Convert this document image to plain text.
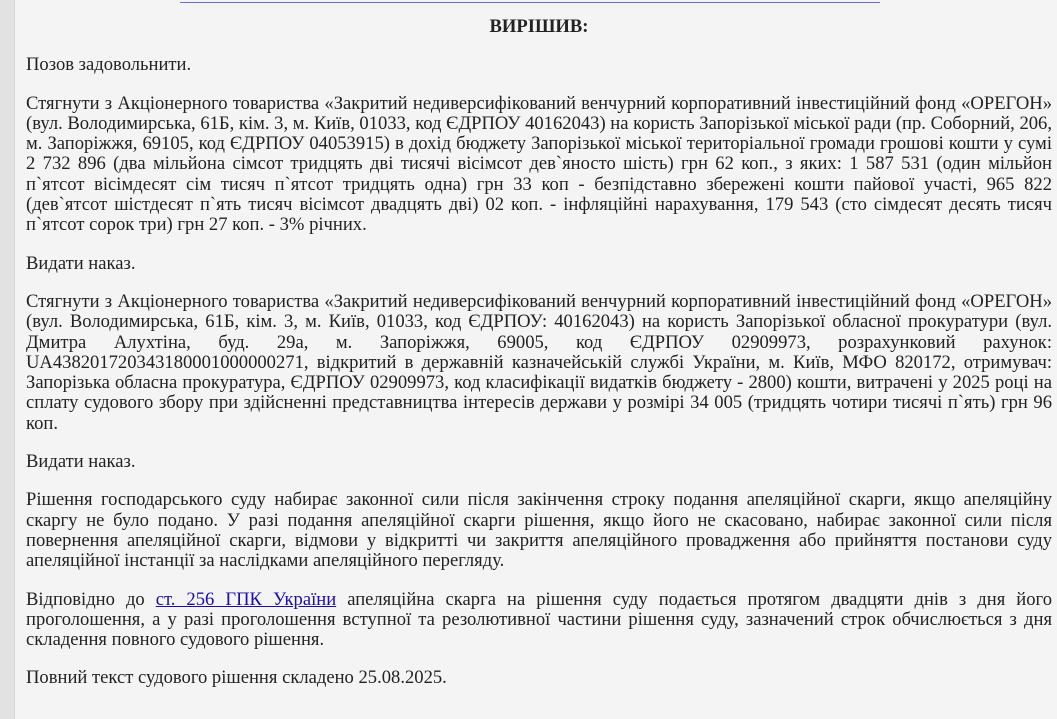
ВИРІШИВ:

Позов задовольнити.

Стягнути з Акціонерного товариства «Закритий недиверсифікований венчурний корпоративний інвестиційний фонд «ОРЕГОН» (вул. Володимирська, 61Б, кім. 3, м. Київ, 01033, код ЄДРПОУ 40162043) на користь Запорізької міської ради (пр. Соборний, 206, м. Запоріжжя, 69105, код ЄДРПОУ 04053915) в дохід бюджету Запорізької міської територіальної громади грошові кошти у сумі 2 732 896 (два мільйона сімсот тридцять дві тисячі вісімсот дев`яносто шість) грн 62 коп., з яких: 1 587 531 (один мільйон п`ятсот вісімдесят сім тисяч п`ятсот тридцять одна) грн 33 коп - безпідставно збережені кошти пайової участі, 965 822 (дев`ятсот шістдесят п`ять тисяч вісімсот двадцять дві) 02 коп. - інфляційні нарахування, 179 543 (сто сімдесят десять тисяч п`ятсот сорок три) грн 27 коп. - 3% річних.

Видати наказ.

Стягнути з Акціонерного товариства «Закритий недиверсифікований венчурний корпоративний інвестиційний фонд «ОРЕГОН» (вул. Володимирська, 61Б, кім. 3, м. Київ, 01033, код ЄДРПОУ: 40162043) на користь Запорізької обласної прокуратури (вул. Дмитра Алухтіна, буд. 29а, м. Запоріжжя, 69005, код ЄДРПОУ 02909973, розрахунковий рахунок: UA438201720343180001000000271, відкритий в державній казначейській службі України, м. Київ, МФО 820172, отримувач: Запорізька обласна прокуратура, ЄДРПОУ 02909973, код класифікації видатків бюджету - 2800) кошти, витрачені у 2025 році на сплату судового збору при здійсненні представництва інтересів держави у розмірі 34 005 (тридцять чотири тисячі п`ять) грн 96 коп.

Видати наказ.

Рішення господарського суду набирає законної сили після закінчення строку подання апеляційної скарги, якщо апеляційну скаргу не було подано. У разі подання апеляційної скарги рішення, якщо його не скасовано, набирає законної сили після повернення апеляційної скарги, відмови у відкритті чи закриття апеляційного провадження або прийняття постанови суду апеляційної інстанції за наслідками апеляційного перегляду.

Відповідно до ст. 256 ГПК України апеляційна скарга на рішення суду подається протягом двадцяти днів з дня його проголошення, а у разі проголошення вступної та резолютивної частини рішення суду, зазначений строк обчислюється з дня складення повного судового рішення.

Повний текст судового рішення складено 25.08.2025.
